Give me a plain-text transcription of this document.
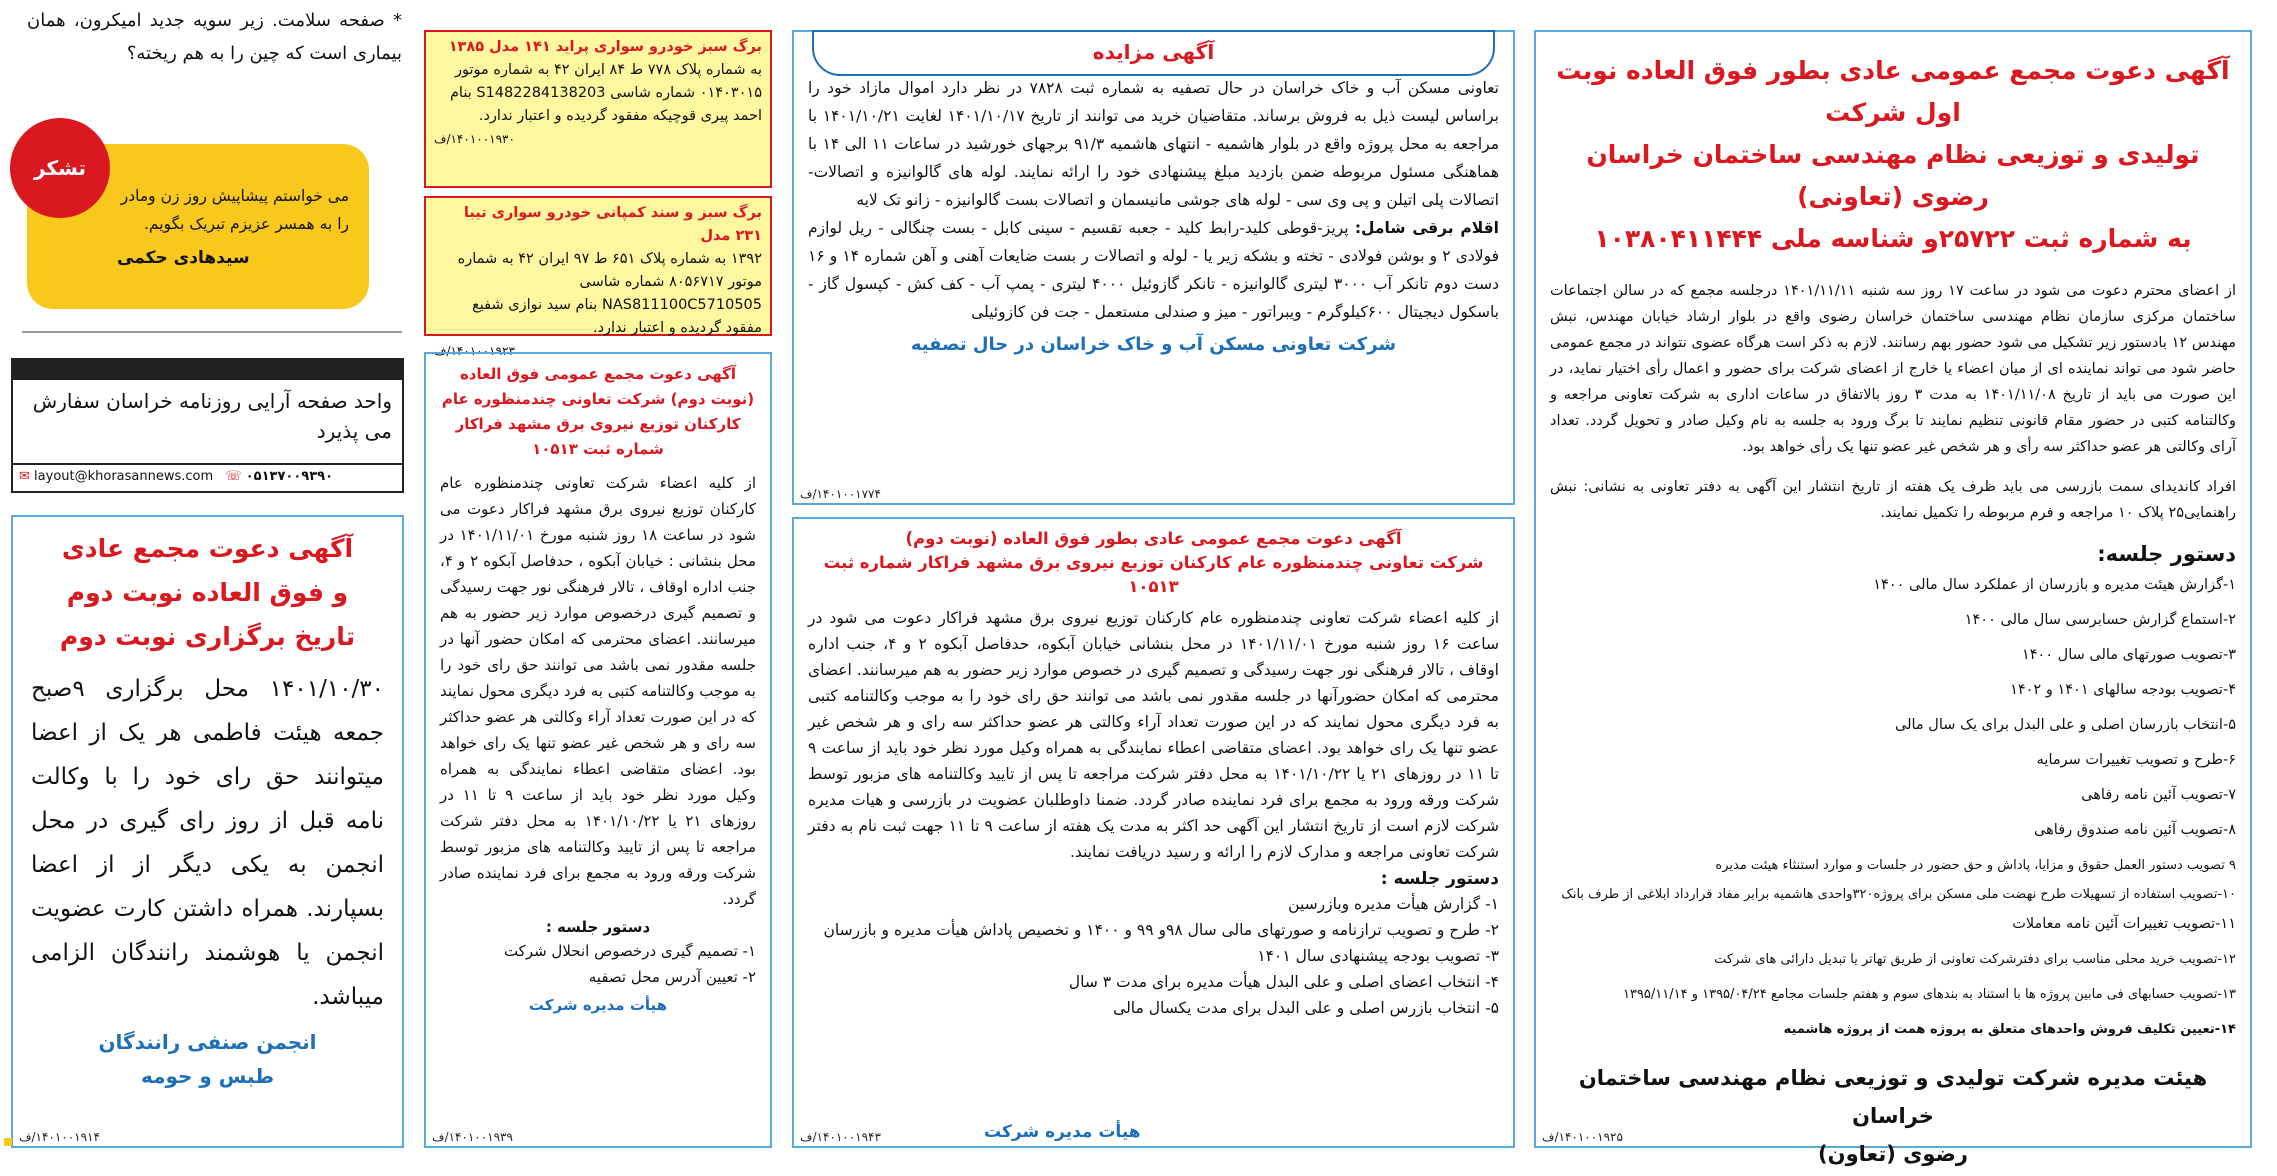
آگهی دعوت مجمع عمومی عادی بطور فوق العاده نوبت اول شرکت
تولیدی و توزیعی نظام مهندسی ساختمان خراسان رضوی (تعاونی)
به شماره ثبت ۲۵۷۲۲و شناسه ملی ۱۰۳۸۰۴۱۱۴۴۴
از اعضای محترم دعوت می شود در ساعت ۱۷ روز سه شنبه ۱۴۰۱/۱۱/۱۱ درجلسه مجمع که در سالن اجتماعات ساختمان مرکزی سازمان نظام مهندسی ساختمان خراسان رضوی واقع در بلوار ارشاد خیابان مهندس، نبش مهندس ۱۲ بادستور زیر تشکیل می شود حضور بهم رسانند. لازم به ذکر است هرگاه عضوی نتواند در مجمع عمومی حاضر شود می تواند نماینده ای از میان اعضاء یا خارج از اعضای شرکت برای حضور و اعمال رأی اختیار نماید، در این صورت می باید از تاریخ ۱۴۰۱/۱۱/۰۸ به مدت ۳ روز بالاتفاق در ساعات اداری به شرکت تعاونی مراجعه و وکالتنامه کتبی در حضور مقام قانونی تنظیم نمایند تا برگ ورود به جلسه به نام وکیل صادر و تحویل گردد. تعداد آرای وکالتی هر عضو حداکثر سه رأی و هر شخص غیر عضو تنها یک رأی خواهد بود.
افراد کاندیدای سمت بازرسی می باید ظرف یک هفته از تاریخ انتشار این آگهی به دفتر تعاونی به نشانی: نبش راهنمایی۲۵ پلاک ۱۰ مراجعه و فرم مربوطه را تکمیل نمایند.
دستور جلسه:
۱-گزارش هیئت مدیره و بازرسان از عملکرد سال مالی ۱۴۰۰
۲-استماع گزارش حسابرسی سال مالی ۱۴۰۰
۳-تصویب صورتهای مالی سال ۱۴۰۰
۴-تصویب بودجه سالهای ۱۴۰۱ و ۱۴۰۲
۵-انتخاب بازرسان اصلی و علی البدل برای یک سال مالی
۶-طرح و تصویب تغییرات سرمایه
۷-تصویب آئین نامه رفاهی
۸-تصویب آئین نامه صندوق رفاهی
۹ تصویب دستور العمل حقوق و مزایا، پاداش و حق حضور در جلسات و موارد استنثاء هیئت مدیره
۱۰-تصویب استفاده از تسهیلات طرح نهضت ملی مسکن برای پروژه۳۲۰واحدی هاشمیه برابر مفاد قرارداد ابلاغی از طرف بانک
۱۱-تصویب تغییرات آئین نامه معاملات
۱۲-تصویب خرید محلی مناسب برای دفترشرکت تعاونی از طریق تهاتر یا تبدیل دارائی های شرکت
۱۳-تصویب حسابهای فی مابین پروژه ها با استناد به بندهای سوم و هفتم جلسات مجامع ۱۳۹۵/۰۴/۲۴ و ۱۳۹۵/۱۱/۱۴
۱۴-تعیین تکلیف فروش واحدهای متعلق به پروژه همت از پروژه هاشمیه
هیئت مدیره شرکت تولیدی و توزیعی نظام مهندسی ساختمان خراسان
رضوی (تعاون)
۱۴۰۱۰۰۱۹۲۵/ف
آگهی مزایده
تعاونی مسکن آب و خاک خراسان در حال تصفیه به شماره ثبت ۷۸۲۸ در نظر دارد اموال مازاد خود را براساس لیست ذیل به فروش برساند. متقاضیان خرید می توانند از تاریخ ۱۴۰۱/۱۰/۱۷ لغایت ۱۴۰۱/۱۰/۲۱ با مراجعه به محل پروژه واقع در بلوار هاشمیه - انتهای هاشمیه ۹۱/۳ برجهای خورشید در ساعات ۱۱ الی ۱۴ با هماهنگی مسئول مربوطه ضمن بازدید مبلغ پیشنهادی خود را ارائه نمایند. لوله های گالوانیزه و اتصالات-اتصالات پلی اتیلن و پی وی سی - لوله های جوشی مانیسمان و اتصالات بست گالوانیزه - زانو تک لایه
اقلام برقی شامل: پریز-قوطی کلید-رابط کلید - جعبه تقسیم - سینی کابل - بست چنگالی - ریل لوازم فولادی ۲ و بوشن فولادی - تخته و بشکه زیر یا - لوله و اتصالات ر بست ضایعات آهنی و آهن شماره ۱۴ و ۱۶ دست دوم تانکر آب ۳۰۰۰ لیتری گالوانیزه - تانکر گازوئیل ۴۰۰۰ لیتری - پمپ آب - کف کش - کپسول گاز - باسکول دیجیتال ۶۰۰کیلوگرم - ویبراتور - میز و صندلی مستعمل - جت فن کازوئیلی
شرکت تعاونی مسکن آب و خاک خراسان در حال تصفیه
۱۴۰۱۰۰۱۷۷۴/ف
آگهی دعوت مجمع عمومی عادی بطور فوق العاده (نوبت دوم)
شرکت تعاونی چندمنظوره عام کارکنان توزیع نیروی برق مشهد فراکار شماره ثبت ۱۰۵۱۳
از کلیه اعضاء شرکت تعاونی چندمنظوره عام کارکنان توزیع نیروی برق مشهد فراکار دعوت می شود در ساعت ۱۶ روز شنبه مورخ ۱۴۰۱/۱۱/۰۱ در محل بنشانی خیابان آبکوه، حدفاصل آبکوه ۲ و ۴، جنب اداره اوقاف ، تالار فرهنگی نور جهت رسیدگی و تصمیم گیری در خصوص موارد زیر حضور به هم میرسانند. اعضای محترمی که امکان حضورآنها در جلسه مقدور نمی باشد می توانند حق رای خود را به موجب وکالتنامه کتبی به فرد دیگری محول نمایند که در این صورت تعداد آراء وکالتی هر عضو حداکثر سه رای و هر شخص غیر عضو تنها یک رای خواهد بود. اعضای متقاضی اعطاء نمایندگی به همراه وکیل مورد نظر خود باید از ساعت ۹ تا ۱۱ در روزهای ۲۱ یا ۱۴۰۱/۱۰/۲۲ به محل دفتر شرکت مراجعه تا پس از تایید وکالتنامه های مزبور توسط شرکت ورقه ورود به مجمع برای فرد نماینده صادر گردد. ضمنا داوطلبان عضویت در بازرسی و هیات مدیره شرکت لازم است از تاریخ انتشار این آگهی حد اکثر به مدت یک هفته از ساعت ۹ تا ۱۱ جهت ثبت نام به دفتر شرکت تعاونی مراجعه و مدارک لازم را ارائه و رسید دریافت نمایند.
دستور جلسه :
۱- گزارش هیأت مدیره وبازرسین
۲- طرح و تصویب ترازنامه و صورتهای مالی سال ۹۸و ۹۹ و ۱۴۰۰ و تخصیص پاداش هیأت مدیره و بازرسان
۳- تصویب بودجه پیشنهادی سال ۱۴۰۱
۴- انتخاب اعضای اصلی و علی البدل هیأت مدیره برای مدت ۳ سال
۵- انتخاب بازرس اصلی و علی البدل برای مدت یکسال مالی
هیأت مدیره شرکت
۱۴۰۱۰۰۱۹۴۳/ف
برگ سبز خودرو سواری پراید ۱۴۱ مدل ۱۳۸۵
به شماره پلاک ۷۷۸ ط ۸۴ ایران ۴۲ به شماره موتور ۰۱۴۰۳۰۱۵ شماره شاسی S1482284138203 بنام احمد پیری قوچیکه مفقود گردیده و اعتبار ندارد.
۱۴۰۱۰۰۱۹۳۰/ف
برگ سبز و سند کمپانی خودرو سواری تیبا ۲۳۱ مدل
۱۳۹۲ به شماره پلاک ۶۵۱ ط ۹۷ ایران ۴۲ به شماره موتور ۸۰۵۶۷۱۷ شماره شاسی NAS811100C5710505 بنام سید نوازی شفیع مفقود گردیده و اعتبار ندارد.
۱۴۰۱۰۰۱۹۲۳/ف
آگهی دعوت مجمع عمومی فوق العاده
(نوبت دوم) شرکت تعاونی چندمنظوره عام
کارکنان توزیع نیروی برق مشهد فراکار
شماره ثبت ۱۰۵۱۳
از کلیه اعضاء شرکت تعاونی چندمنظوره عام کارکنان توزیع نیروی برق مشهد فراکار دعوت می شود در ساعت ۱۸ روز شنبه مورخ ۱۴۰۱/۱۱/۰۱ در محل بنشانی : خیابان آبکوه ، حدفاصل آبکوه ۲ و ۴، جنب اداره اوقاف ، تالار فرهنگی نور جهت رسیدگی و تصمیم گیری درخصوص موارد زیر حضور به هم میرسانند. اعضای محترمی که امکان حضور آنها در جلسه مقدور نمی باشد می توانند حق رای خود را به موجب وکالتنامه کتبی به فرد دیگری محول نمایند که در این صورت تعداد آراء وکالتی هر عضو حداکثر سه رای و هر شخص غیر عضو تنها یک رای خواهد بود. اعضای متقاضی اعطاء نمایندگی به همراه وکیل مورد نظر خود باید از ساعت ۹ تا ۱۱ در روزهای ۲۱ یا ۱۴۰۱/۱۰/۲۲ به محل دفتر شرکت مراجعه تا پس از تایید وکالتنامه های مزبور توسط شرکت ورقه ورود به مجمع برای فرد نماینده صادر گردد.
دستور جلسه :
۱- تصمیم گیری درخصوص انحلال شرکت
۲- تعیین آدرس محل تصفیه
هیأت مدیره شرکت
۱۴۰۱۰۰۱۹۳۹/ف
* صفحه سلامت. زیر سویه جدید امیکرون، همان بیماری است که چین را به هم ریخته؟
می خواستم پیشاپیش روز زن ومادر را به همسر عزیزم تبریک بگویم.
سیدهادی حکمی
تشکر
واحد صفحه آرایی روزنامه خراسان سفارش می پذیرد
✉ layout@khorasannews.com ☏ ۰۵۱۳۷۰۰۹۳۹۰
آگهی دعوت مجمع عادی
و فوق العاده نوبت دوم
تاریخ برگزاری نوبت دوم
۱۴۰۱/۱۰/۳۰ محل برگزاری ۹صبح جمعه هیئت فاطمی هر یک از اعضا میتوانند حق رای خود را با وکالت نامه قبل از روز رای گیری در محل انجمن به یکی دیگر از از اعضا بسپارند. همراه داشتن کارت عضویت انجمن یا هوشمند رانندگان الزامی میباشد.
انجمن صنفی رانندگان
طبس و حومه
۱۴۰۱۰۰۱۹۱۴/ف
